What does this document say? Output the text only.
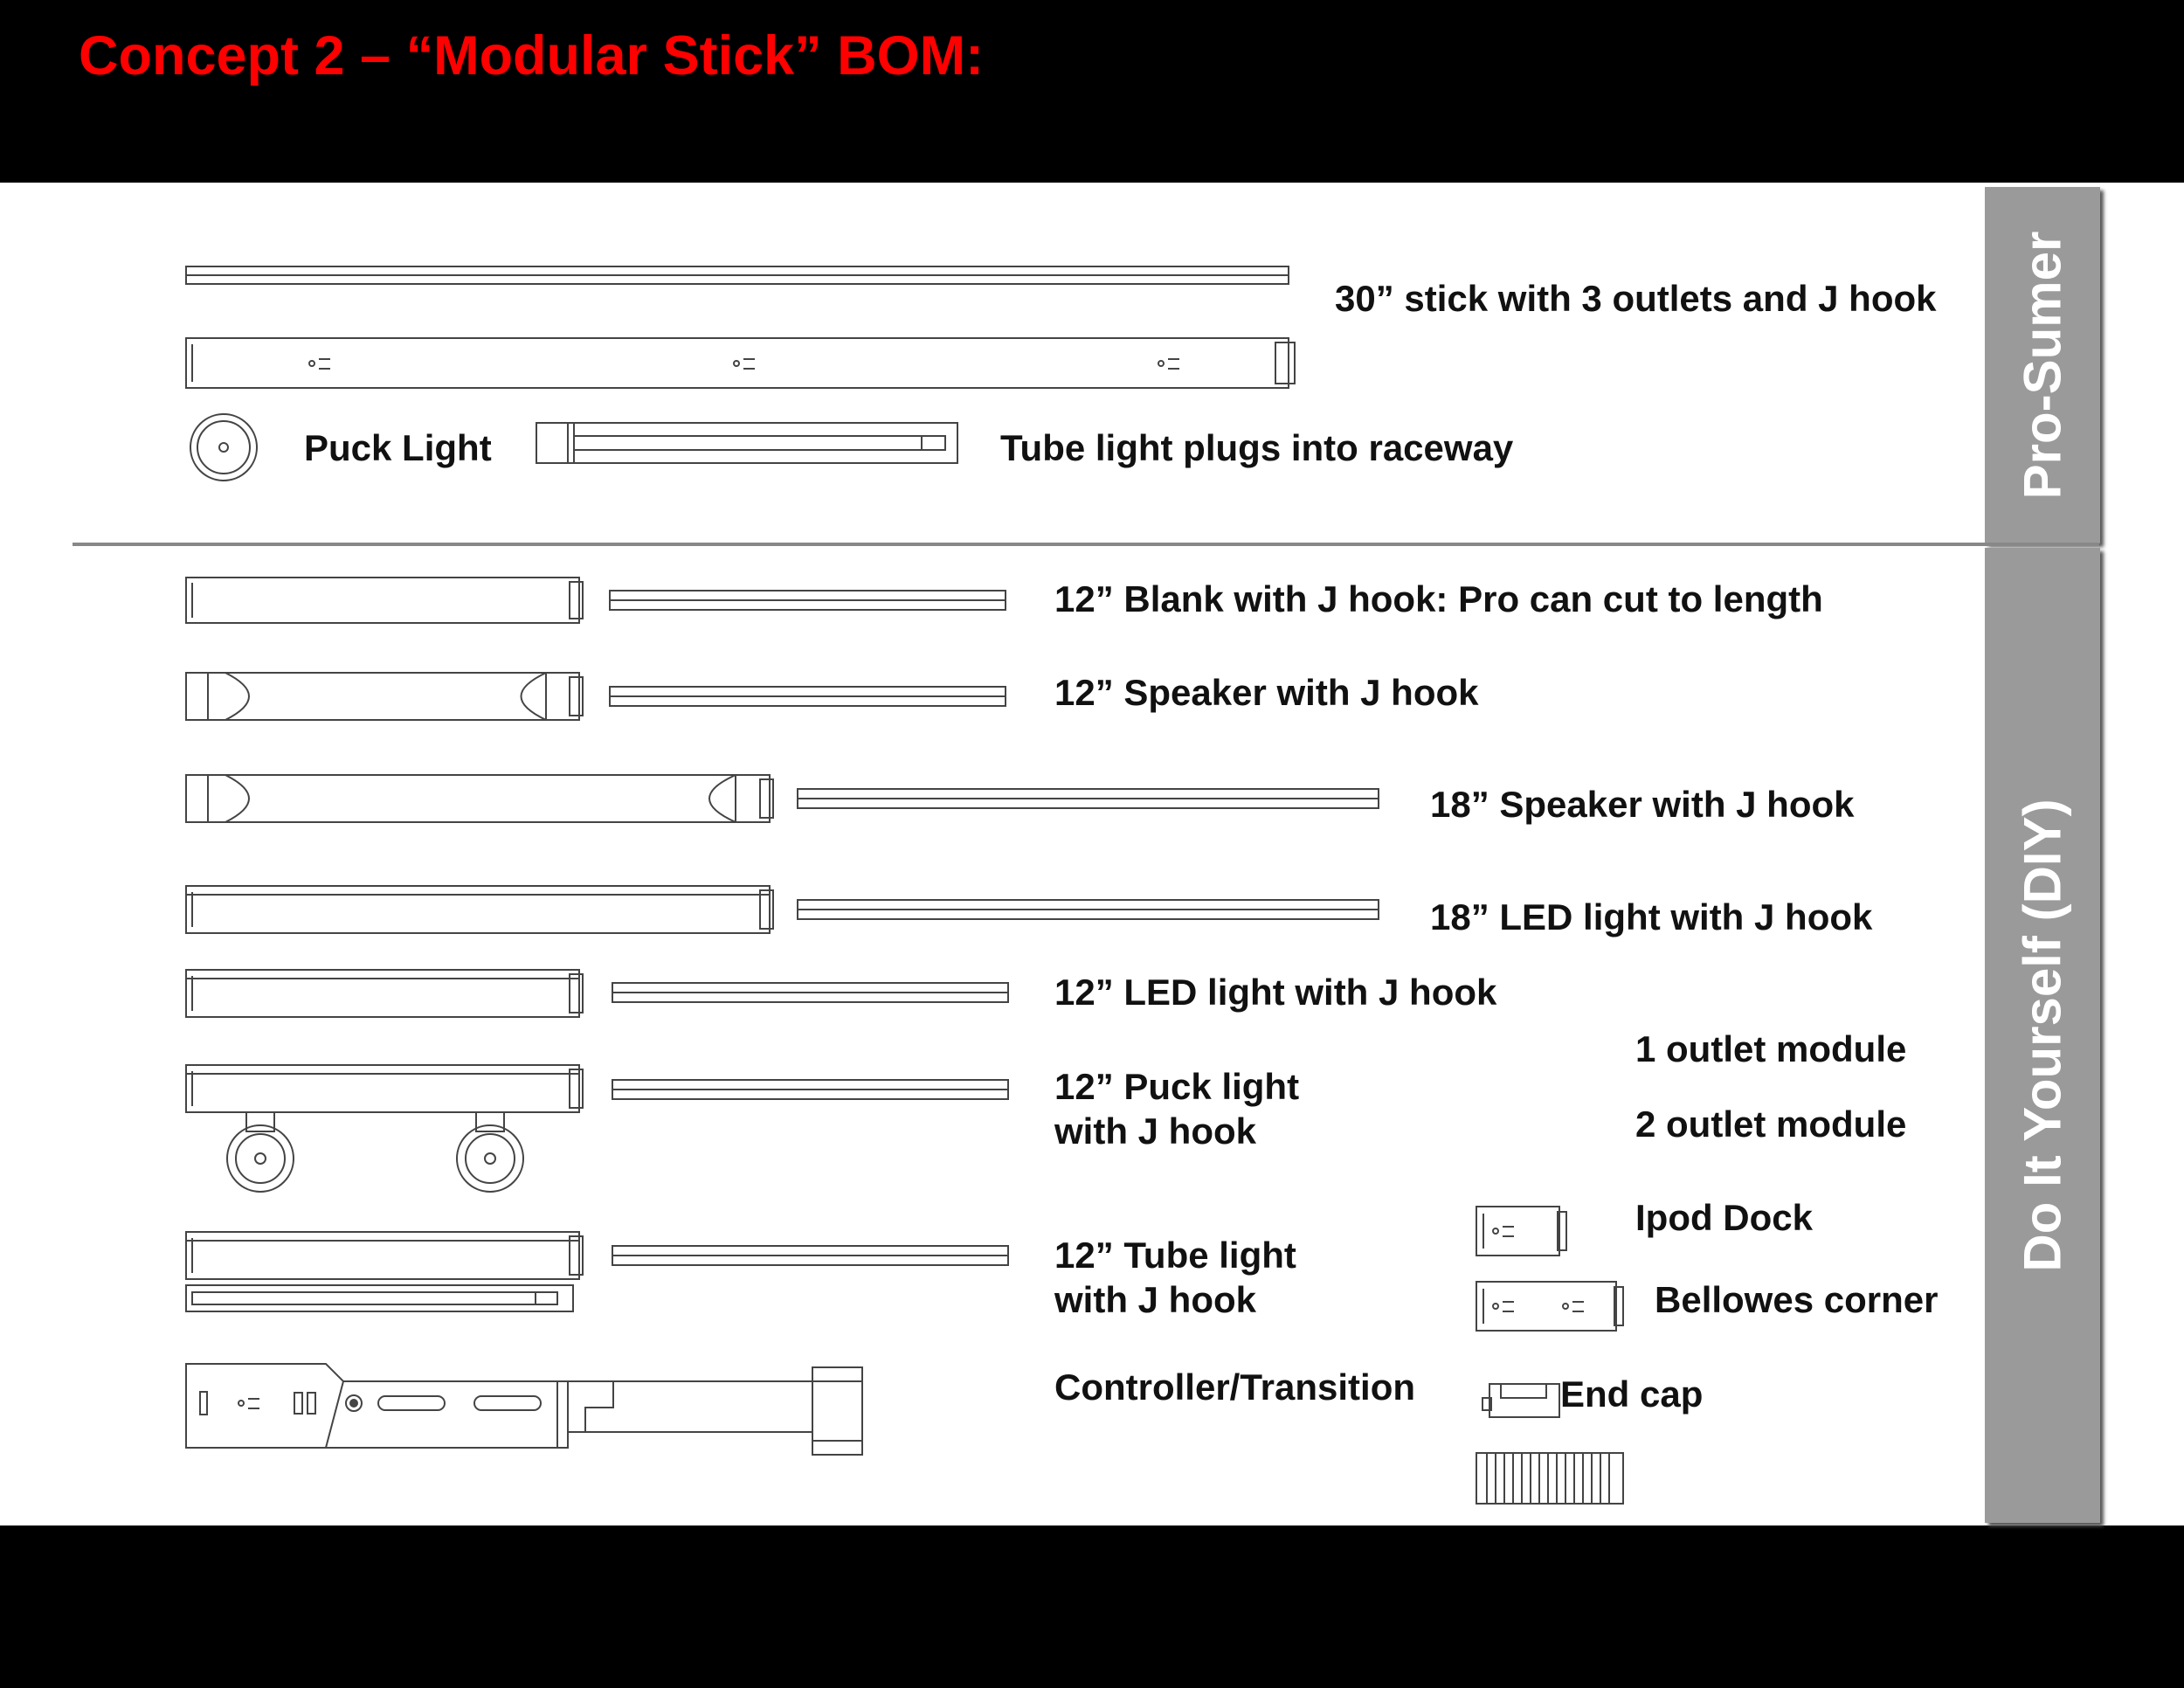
Concept 2 – “Modular Stick” BOM:
Pro-Sumer
Do It Yourself (DIY)
30” stick with 3 outlets and J hook
Puck Light	Tube light plugs into raceway
12” Blank with J hook: Pro can cut to length
12” Speaker with J hook
18” Speaker with J hook
18” LED light with J hook
12” LED light with J hook
12” Puck light
with J hook
12” Tube light
with J hook
Controller/Transition
1 outlet module
2 outlet module
Ipod Dock
Bellowes corner
End cap
